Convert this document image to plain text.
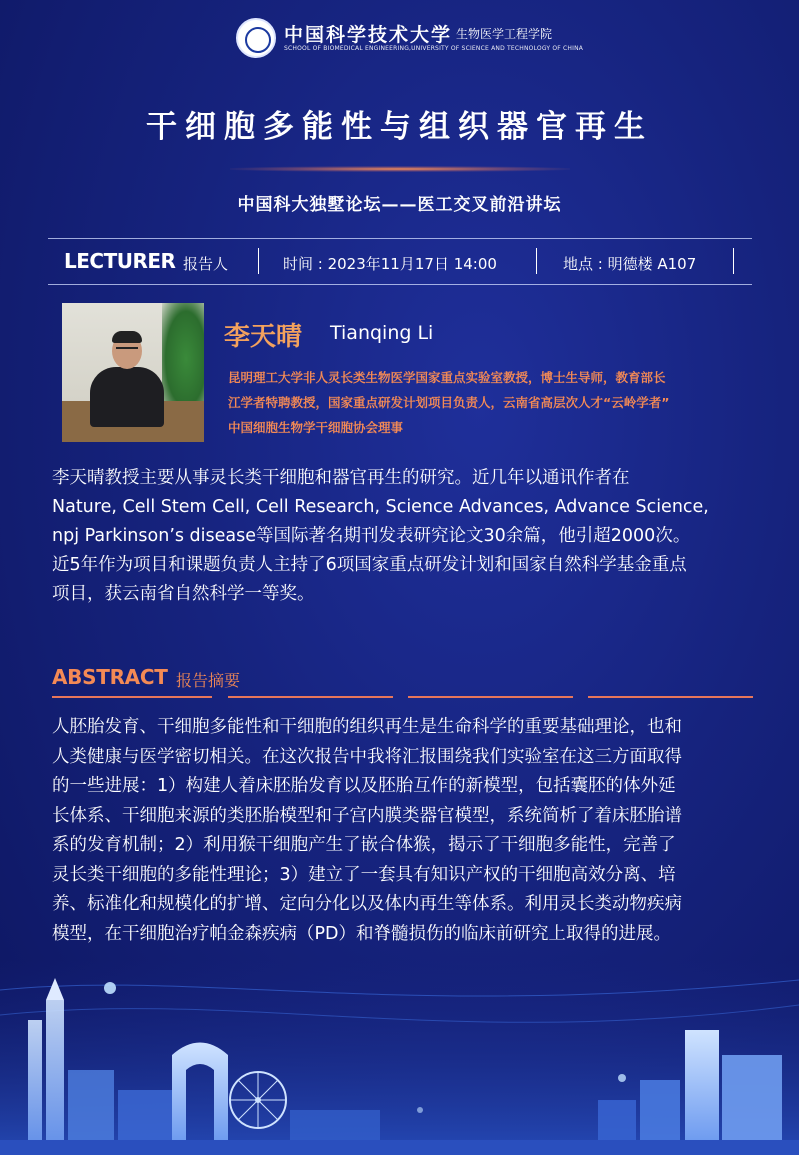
中国科学技术大学 生物医学工程学院
SCHOOL OF BIOMEDICAL ENGINEERING,UNIVERSITY OF SCIENCE AND TECHNOLOGY OF CHINA
干细胞多能性与组织器官再生
中国科大独墅论坛——医工交叉前沿讲坛
LECTURER 报告人	时间 : 2023年11月17日 14:00	地点 : 明德楼 A107
李天晴 Tianqing Li
昆明理工大学非人灵长类生物医学国家重点实验室教授，博士生导师，教育部长
江学者特聘教授，国家重点研发计划项目负责人，云南省高层次人才“云岭学者”
中国细胞生物学干细胞协会理事
李天晴教授主要从事灵长类干细胞和器官再生的研究。近几年以通讯作者在
Nature, Cell Stem Cell, Cell Research, Science Advances, Advance Science,
npj Parkinson’s disease等国际著名期刊发表研究论文30余篇，他引超2000次。
近5年作为项目和课题负责人主持了6项国家重点研发计划和国家自然科学基金重点
项目，获云南省自然科学一等奖。
ABSTRACT 报告摘要
人胚胎发育、干细胞多能性和干细胞的组织再生是生命科学的重要基础理论，也和
人类健康与医学密切相关。在这次报告中我将汇报围绕我们实验室在这三方面取得
的一些进展：1）构建人着床胚胎发育以及胚胎互作的新模型，包括囊胚的体外延
长体系、干细胞来源的类胚胎模型和子宫内膜类器官模型，系统简析了着床胚胎谱
系的发育机制；2）利用猴干细胞产生了嵌合体猴，揭示了干细胞多能性，完善了
灵长类干细胞的多能性理论；3）建立了一套具有知识产权的干细胞高效分离、培
养、标准化和规模化的扩增、定向分化以及体内再生等体系。利用灵长类动物疾病
模型，在干细胞治疗帕金森疾病（PD）和脊髓损伤的临床前研究上取得的进展。
